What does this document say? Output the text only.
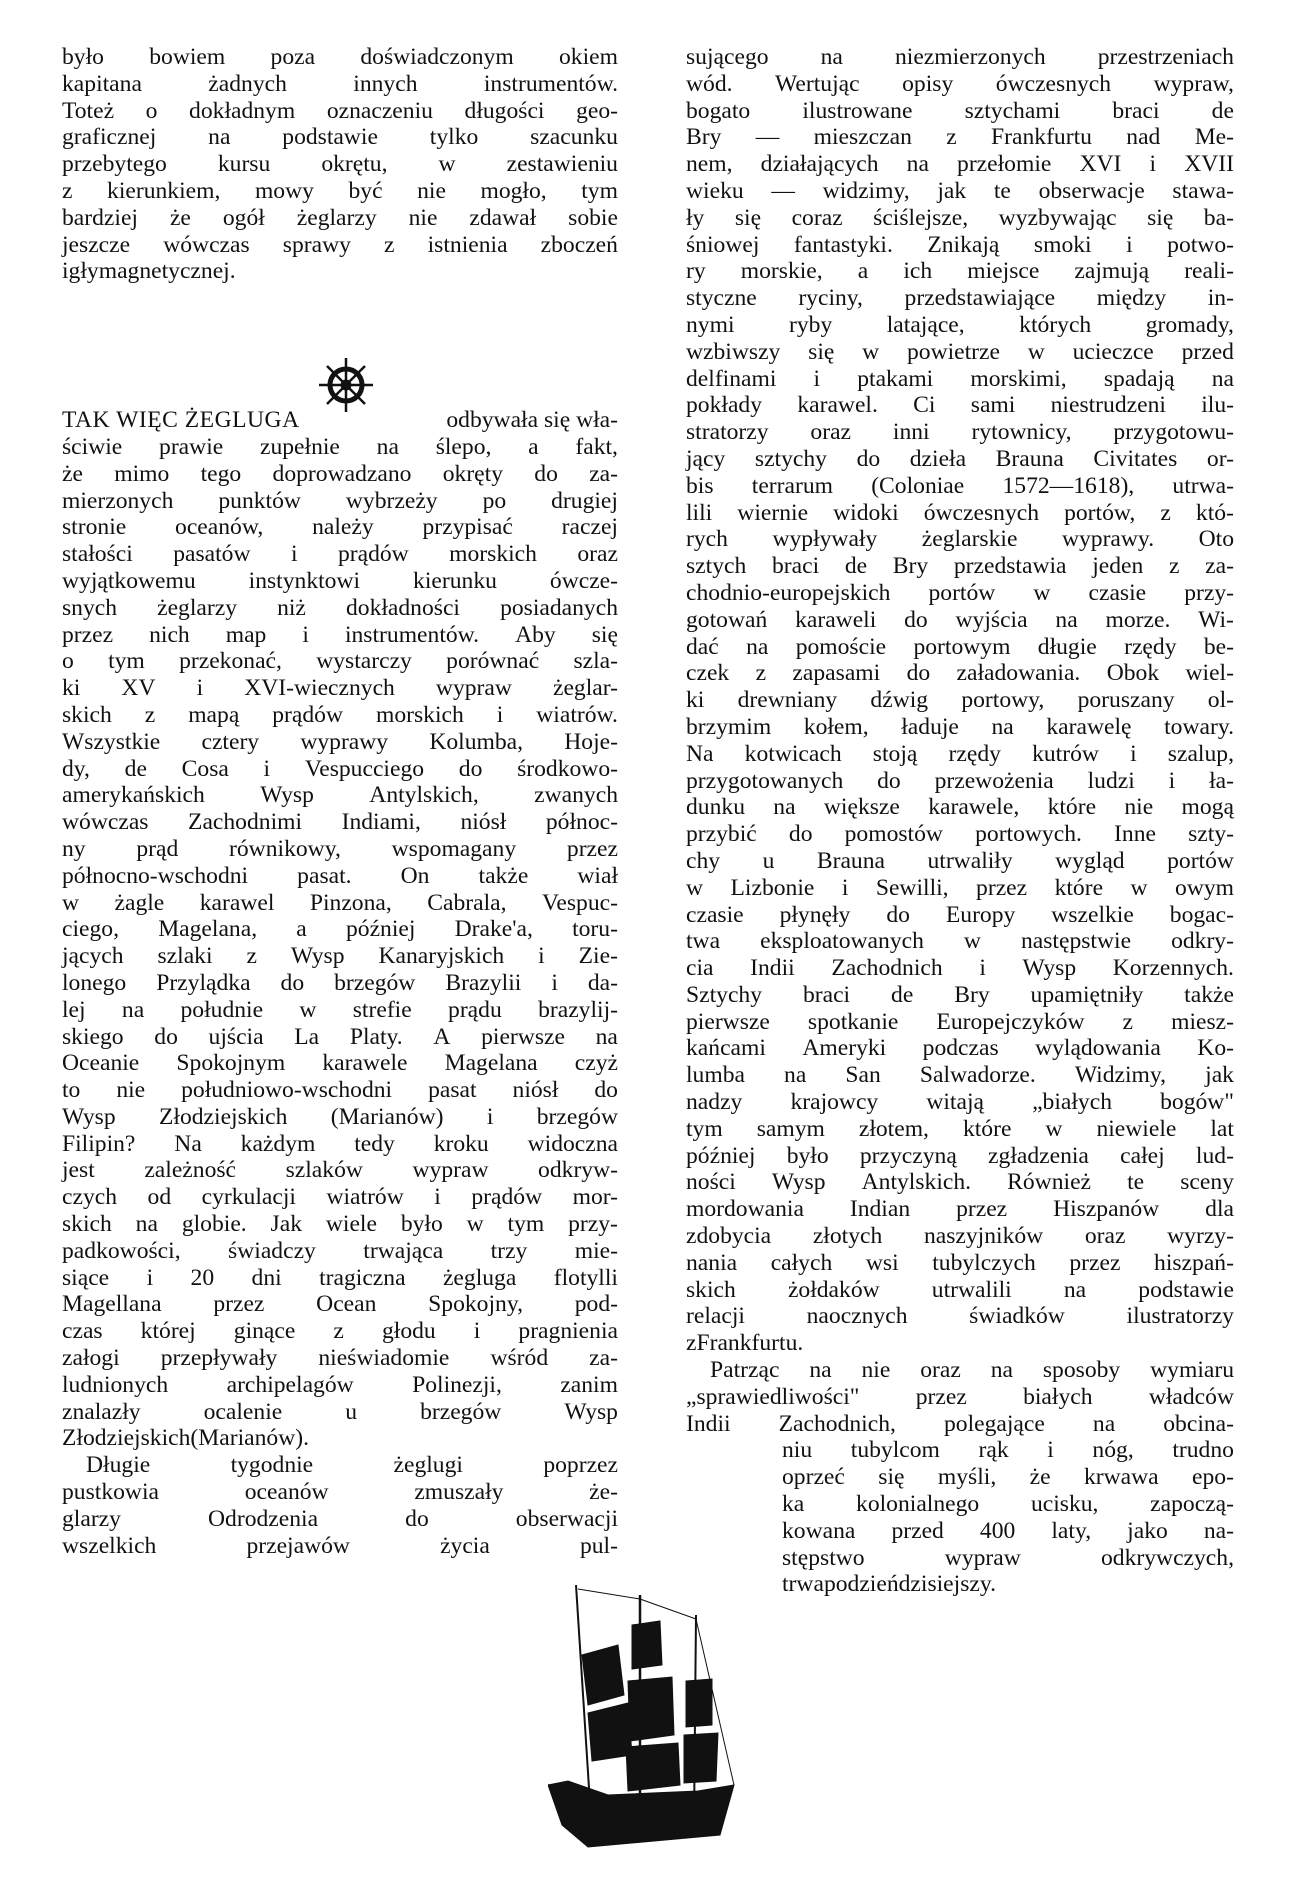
było bowiem poza doświadczonym okiem
kapitana	żadnych	innych	instrumentów.
Toteż o dokładnym oznaczeniu długości geo-
graficznej na podstawie tylko szacunku
przebytego kursu okrętu, w zestawieniu
z kierunkiem, mowy być nie mogło, tym
bardziej że ogół żeglarzy nie zdawał sobie
jeszcze wówczas sprawy z istnienia zboczeń
igły magnetycznej.
TAK WIĘC ŻEGLUGA	odbywała się wła-
ściwie prawie zupełnie na ślepo, a fakt,
że mimo tego doprowadzano okręty do za-
mierzonych punktów wybrzeży po drugiej
stronie oceanów, należy przypisać raczej
stałości pasatów i prądów morskich oraz
wyjątkowemu instynktowi kierunku ówcze-
snych żeglarzy niż dokładności posiadanych
przez nich map i instrumentów. Aby się
o tym przekonać, wystarczy porównać szla-
ki XV i XVI-wiecznych wypraw żeglar-
skich z mapą prądów morskich i wiatrów.
Wszystkie cztery wyprawy Kolumba, Hoje-
dy, de Cosa i Vespucciego do środkowo-
amerykańskich Wysp Antylskich, zwanych
wówczas Zachodnimi Indiami, niósł północ-
ny prąd równikowy, wspomagany przez
północno-wschodni pasat. On także wiał
w żagle karawel Pinzona, Cabrala, Vespuc-
ciego, Magelana, a później Drake'a, toru-
jących szlaki z Wysp Kanaryjskich i Zie-
lonego Przylądka do brzegów Brazylii i da-
lej na południe w strefie prądu brazylij-
skiego do ujścia La Platy. A pierwsze na
Oceanie Spokojnym karawele Magelana czyż
to nie południowo-wschodni pasat niósł do
Wysp Złodziejskich (Marianów) i brzegów
Filipin? Na każdym tedy kroku widoczna
jest zależność szlaków wypraw odkryw-
czych od cyrkulacji wiatrów i prądów mor-
skich na globie. Jak wiele było w tym przy-
padkowości, świadczy trwająca trzy mie-
siące i 20 dni tragiczna żegluga flotylli
Magellana przez Ocean Spokojny, pod-
czas której ginące z głodu i pragnienia
załogi przepływały nieświadomie wśród za-
ludnionych archipelagów Polinezji, zanim
znalazły	ocalenie	u	brzegów	Wysp
Złodziejskich (Marianów).
Długie	tygodnie	żeglugi	poprzez
pustkowia	oceanów	zmuszały	że-
glarzy	Odrodzenia	do	obserwacji
wszelkich	przejawów	życia	pul-
sującego na niezmierzonych przestrzeniach
wód. Wertując opisy ówczesnych wypraw,
bogato ilustrowane sztychami braci de
Bry — mieszczan z Frankfurtu nad Me-
nem, działających na przełomie XVI i XVII
wieku — widzimy, jak te obserwacje stawa-
ły się coraz ściślejsze, wyzbywając się ba-
śniowej fantastyki. Znikają smoki i potwo-
ry morskie, a ich miejsce zajmują reali-
styczne ryciny, przedstawiające między in-
nymi ryby latające, których gromady,
wzbiwszy się w powietrze w ucieczce przed
delfinami i ptakami morskimi, spadają na
pokłady karawel. Ci sami niestrudzeni ilu-
stratorzy oraz inni rytownicy, przygotowu-
jący sztychy do dzieła Brauna Civitates or-
bis terrarum (Coloniae 1572—1618), utrwa-
lili wiernie widoki ówczesnych portów, z któ-
rych wypływały żeglarskie wyprawy. Oto
sztych braci de Bry przedstawia jeden z za-
chodnio-europejskich portów w czasie przy-
gotowań karaweli do wyjścia na morze. Wi-
dać na pomoście portowym długie rzędy be-
czek z zapasami do załadowania. Obok wiel-
ki drewniany dźwig portowy, poruszany ol-
brzymim kołem, ładuje na karawelę towary.
Na kotwicach stoją rzędy kutrów i szalup,
przygotowanych do przewożenia ludzi i ła-
dunku na większe karawele, które nie mogą
przybić do pomostów portowych. Inne szty-
chy u Brauna utrwaliły wygląd portów
w Lizbonie i Sewilli, przez które w owym
czasie płynęły do Europy wszelkie bogac-
twa eksploatowanych w następstwie odkry-
cia Indii Zachodnich i Wysp Korzennych.
Sztychy braci de Bry upamiętniły także
pierwsze spotkanie Europejczyków z miesz-
kańcami Ameryki podczas wylądowania Ko-
lumba na San Salwadorze. Widzimy, jak
nadzy krajowcy witają „białych bogów"
tym samym złotem, które w niewiele lat
później było przyczyną zgładzenia całej lud-
ności Wysp Antylskich. Również te sceny
mordowania Indian przez Hiszpanów dla
zdobycia złotych naszyjników oraz wyrzy-
nania całych wsi tubylczych przez hiszpań-
skich żołdaków utrwalili na podstawie
relacji	naocznych	świadków	ilustratorzy
z Frankfurtu.
Patrząc na nie oraz na sposoby wymiaru
„sprawiedliwości" przez białych władców
Indii Zachodnich, polegające na obcina-
niu tubylcom rąk i nóg, trudno
oprzeć się myśli, że krwawa epo-
ka kolonialnego ucisku, zapoczą-
kowana przed 400 laty, jako na-
stępstwo	wypraw	odkrywczych,
trwa po dzień dzisiejszy.
